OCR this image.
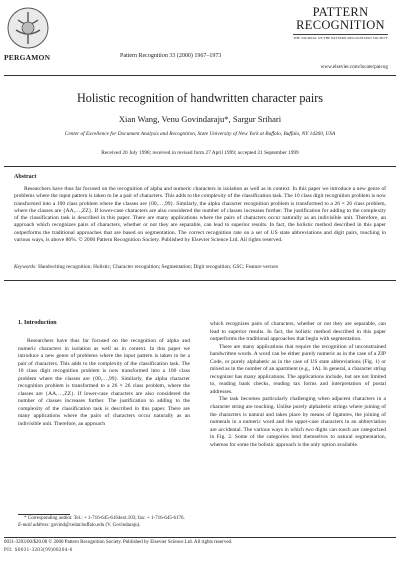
PERGAMON	Pattern Recognition 33 (2000) 1967–1973
PATTERN RECOGNITION
THE JOURNAL OF THE PATTERN RECOGNITION SOCIETY
www.elsevier.com/locate/patcog
Holistic recognition of handwritten character pairs
Xian Wang, Venu Govindaraju*, Sargur Srihari
Center of Excellence for Document Analysis and Recognition, State University of New York at Buffalo, Buffalo, NY 14260, USA
Received 20 July 1998; received in revised form 27 April 1999; accepted 21 September 1999
Abstract

Researchers have thus far focused on the recognition of alpha and numeric characters in isolation as well as in context. In this paper we introduce a new genre of problems where the input pattern is taken to be a pair of characters. This adds to the complexity of the classification task. The 10 class digit recognition problem is now transformed into a 100 class problem where the classes are {00,…,99}. Similarly, the alpha character recognition problem is transformed to a 26 × 26 class problem, where the classes are {AA,…,ZZ}. If lower-case characters are also considered the number of classes increases further. The justification for adding to the complexity of the classification task is described in this paper. There are many applications where the pairs of characters occur naturally as an indivisible unit. Therefore, an approach which recognizes pairs of characters, whether or not they are separable, can lead to superior results. In fact, the holistic method described in this paper outperforms the traditional approaches that are based on segmentation. The correct recognition rate on a set of US state abbreviations and digit pairs, touching in various ways, is above 86%. © 2000 Pattern Recognition Society. Published by Elsevier Science Ltd. All rights reserved.

Keywords: Handwriting recognition; Holistic; Character recognition; Segmentation; Digit recognition; GSC; Feature vectors
1. Introduction

Researchers have thus far focused on the recognition of alpha and numeric characters in isolation as well as in context. In this paper we introduce a new genre of problems where the input pattern is taken to be a pair of characters. This adds to the complexity of the classification task. The 10 class digit recognition problem is now transformed into a 100 class problem where the classes are {00,…,99}. Similarly, the alpha character recognition problem is transformed to a 26 × 26 class problem, where the classes are {AA,…,ZZ}. If lower-case characters are also considered the number of classes increases further. The justification to adding to the complexity of the classification task is described in this paper. There are many applications where the pairs of characters occur naturally as an indivisible unit. Therefore, an approach

which recognizes pairs of characters, whether or not they are separable, can lead to superior results. In fact, the holistic method described in this paper outperforms the traditional approaches that begin with segmentation.

There are many applications that require the recognition of unconstrained handwritten words. A word can be either purely numeric as in the case of a ZIP Code, or purely alphabetic as in the case of US state abbreviations (Fig. 1) or mixed as in the number of an apartment (e.g., 1A). In general, a character string recognizer has many applications. The applications include, but are not limited to, reading bank checks, reading tax forms and interpretation of postal addresses.

The task becomes particularly challenging when adjacent characters in a character string are touching. Unlike purely alphabetic strings where joining of the characters is natural and takes place by means of ligatures, the joining of numerals in a numeric word and the upper-case characters in an abbreviation are accidental. The various ways in which two digits can touch are categorized in Fig. 2. Some of the categories lend themselves to natural segmentation, whereas for some the holistic approach is the only option available.

* Corresponding author. Tel.: + 1-716-645-6164ext.103; fax: + 1-716-645-6176.
E-mail address: govind@cedar.buffalo.edu (V. Govindaraju).

0031-3203/00/$20.00 © 2000 Pattern Recognition Society. Published by Elsevier Science Ltd. All rights reserved.
PII: S0031-3203(99)00204-6
